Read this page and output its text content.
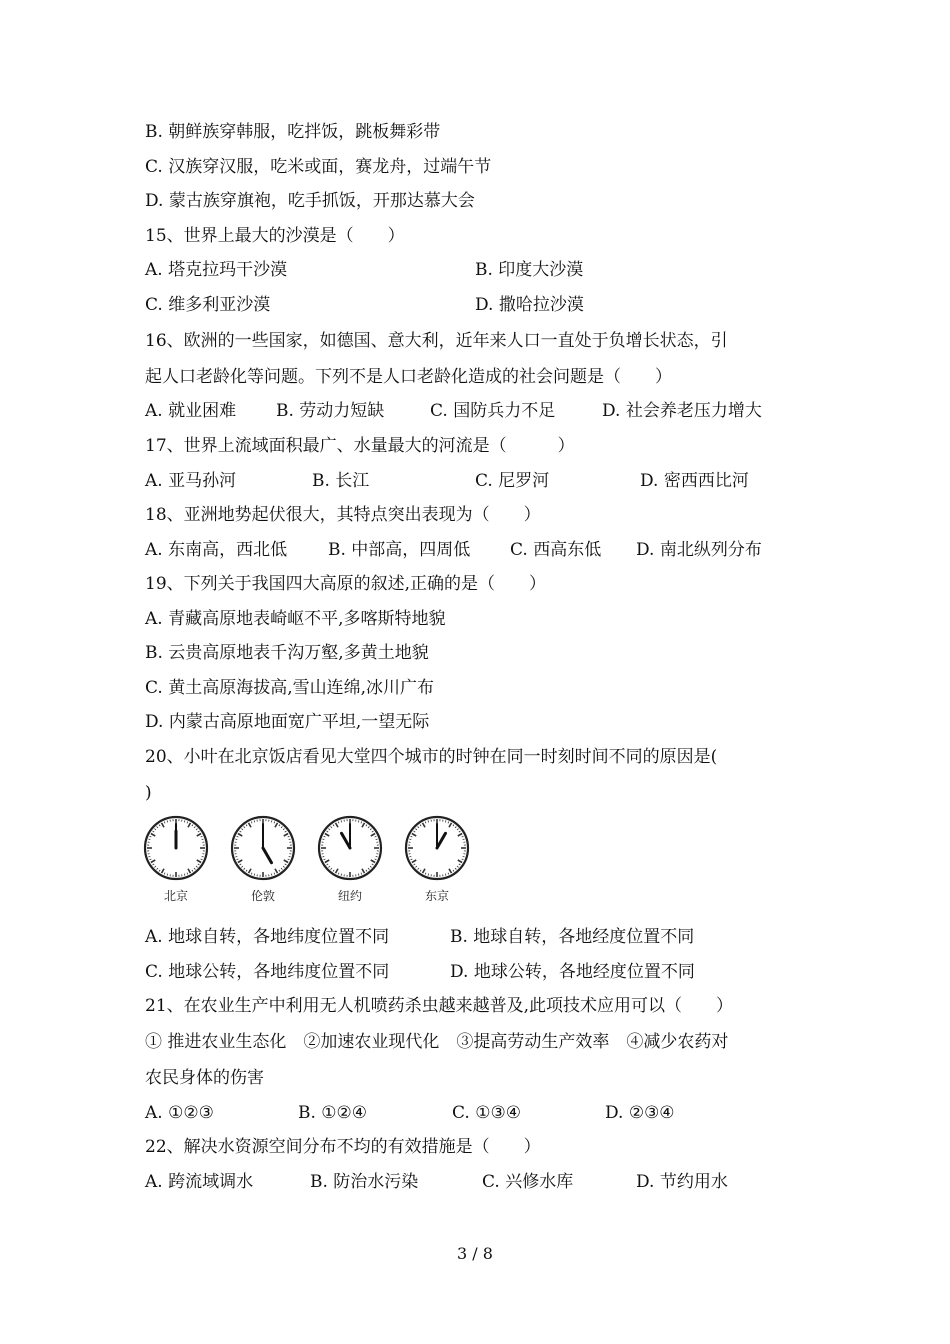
B. 朝鲜族穿韩服，吃拌饭，跳板舞彩带
C. 汉族穿汉服，吃米或面，赛龙舟，过端午节
D. 蒙古族穿旗袍，吃手抓饭，开那达慕大会
15、世界上最大的沙漠是（　　）
A. 塔克拉玛干沙漠	B. 印度大沙漠
C. 维多利亚沙漠	D. 撒哈拉沙漠
16、欧洲的一些国家，如德国、意大利，近年来人口一直处于负增长状态，引
起人口老龄化等问题。下列不是人口老龄化造成的社会问题是（　　）
A. 就业困难 B. 劳动力短缺	C. 国防兵力不足	D. 社会养老压力增大
17、世界上流域面积最广、水量最大的河流是（　　　）
A. 亚马孙河	B. 长江	C. 尼罗河	D. 密西西比河
18、亚洲地势起伏很大，其特点突出表现为（　　）
A. 东南高，西北低 B. 中部高，四周低 C. 西高东低 D. 南北纵列分布
19、下列关于我国四大高原的叙述,正确的是（　　）
A. 青藏高原地表崎岖不平,多喀斯特地貌
B. 云贵高原地表千沟万壑,多黄土地貌
C. 黄土高原海拔高,雪山连绵,冰川广布
D. 内蒙古高原地面宽广平坦,一望无际
20、小叶在北京饭店看见大堂四个城市的时钟在同一时刻时间不同的原因是(
)
北京	伦敦	纽约	东京
A. 地球自转，各地纬度位置不同	B. 地球自转，各地经度位置不同
C. 地球公转，各地纬度位置不同	D. 地球公转，各地经度位置不同
21、在农业生产中利用无人机喷药杀虫越来越普及,此项技术应用可以（　　）
① 推进农业生态化　②加速农业现代化　③提高劳动生产效率　④减少农药对
农民身体的伤害
A. ①②③	B. ①②④	C. ①③④	D. ②③④
22、解决水资源空间分布不均的有效措施是（　　）
A. 跨流域调水	B. 防治水污染	C. 兴修水库	D. 节约用水
3 / 8
